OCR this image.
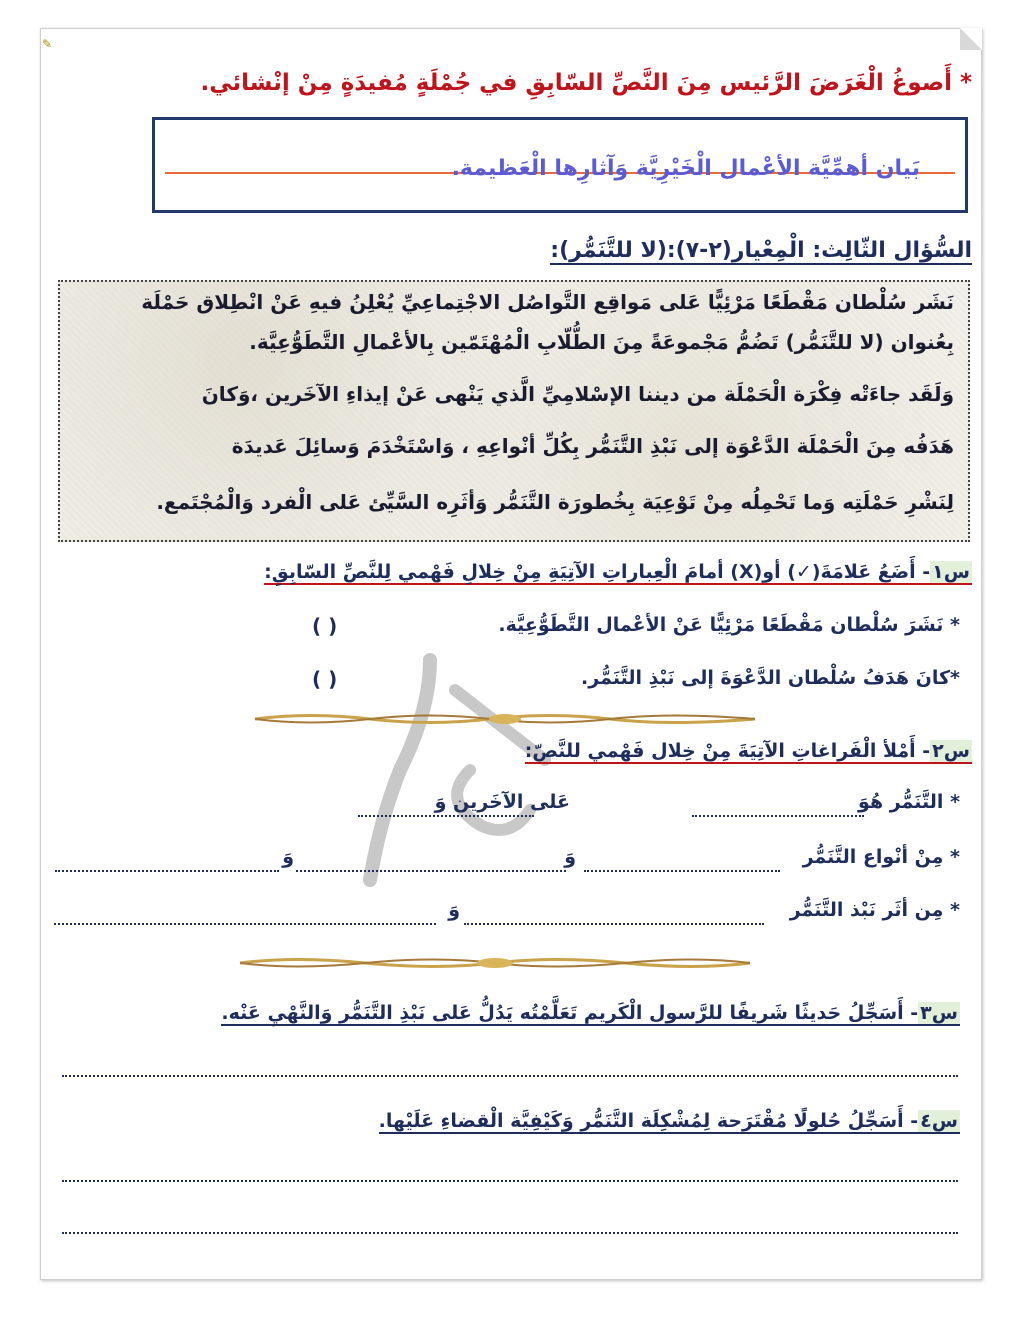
✎
* أَصوغُ الْغَرَضَ الرَّئيس مِنَ النَّصِّ السّابِقِ في جُمْلَةٍ مُفيدَةٍ مِنْ إنْشائي.
بَيان أهمِّيَّة الأعْمال الْخَيْرِيَّة وَآثارِها الْعَظيمة.
السُّؤال الثّالِث: الْمِعْيار(٢-٧):(لا للتَّنَمُّر):

نَشَر سُلْطان مَقْطَعًا مَرْئِيًّا عَلى مَواقِع التَّواصُل الاجْتِماعِيِّ يُعْلِنُ فيهِ عَنْ انْطِلاق حَمْلَة

بِعُنوان (لا للتَّنَمُّر) تَضُمُّ مَجْموعَةً مِنَ الطُّلّابِ الْمُهْتَمّين بِالأعْمالِ التَّطَوُّعِيَّة.

وَلَقَد جاءَتْه فِكْرَة الْحَمْلَة من ديننا الإسْلامِيِّ الَّذي يَنْهى عَنْ إيذاءِ الآخَرين ،وَكانَ

هَدَفُه مِنَ الْحَمْلَة الدَّعْوَة إلى نَبْذِ التَّنَمُّر بِكُلِّ أنْواعِهِ ، وَاسْتَخْدَمَ وَسائِلَ عَديدَة

لِنَشْرِ حَمْلَتِه وَما تَحْمِلُه مِنْ تَوْعِيَة بِخُطورَة التَّنَمُّر وَأثَرِه السَّيِّئ عَلى الْفرد وَالْمُجْتَمع.

س١- أَضَعُ عَلامَةَ(✓) أو(X) أمامَ الْعِباراتِ الآتِيَةِ مِنْ خِلالِ فَهْمي لِلنَّصِّ السّابِقِ:
* نَشَرَ سُلْطان مَقْطَعًا مَرْئِيًّا عَنْ الأعْمال التَّطَوُّعِيَّة.
( )
*كانَ هَدَفُ سُلْطان الدَّعْوَةَ إلى نَبْذِ التَّنَمُّر.
( )
س٢- أَمْلأ الْفَراغاتِ الآتِيَةَ مِنْ خِلال فَهْمي للنَّصّ:
* التَّنَمُّر هُوَ
عَلى الآخَرين وَ
* مِنْ أنْواع التَّنَمُّر
وَ
وَ
* مِن أثَر نَبْذ التَّنَمُّر
وَ
س٣- أَسَجِّلُ حَديثًا شَريفًا للرَّسول الْكَريم تَعَلَّمْتُه يَدُلُّ عَلى نَبْذِ التَّنَمُّر وَالنَّهْيِ عَنْه.
س٤- أَسَجِّلُ حُلولًا مُقْتَرَحة لِمُشْكِلَة التَّنَمُّر وَكَيْفِيَّة الْقضاءِ عَلَيْها.
